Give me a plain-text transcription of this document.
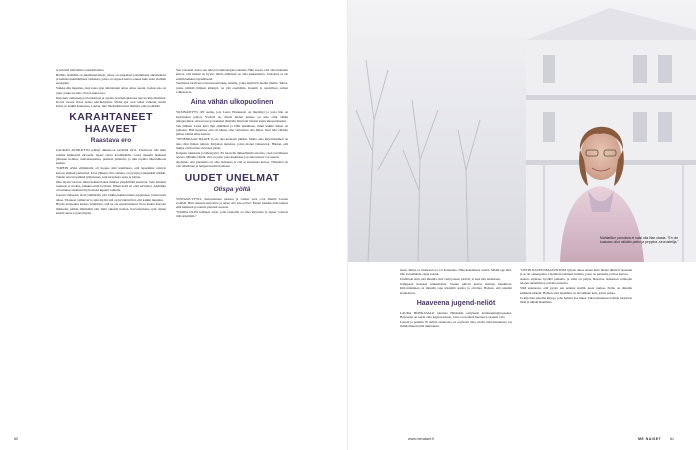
ta leivästä italialaista tomaattiletttua.

Hallitto sisältään on tukimateriaaleja, joissa on paneeluja paremmasta aikataulusta ja kaikista kehittämisen vaiheista, joista on tarpeen kertoa ennen kuin asiat viedään eteenpäin.

Vaikka elin muuttuu, olen koko ajan tahdottunut antaa omaa osaani. Joskus asia on joku, jonka en usko olevan kunnossa.

Kirjoitan romaaneja ja tietokirjoja ja opetan työväenopistossa luovaa kirjoittamista. Kovin vuosia virtaa noista päiväkirjoista. Viime ajat ovat olleet vaikeita, mutta kohta se kaikki kannattaa. Laulan, niin mielenkiintoisia ihmisiä, paljon elämää.

KARAHTANEET HAAVEET
Raastava ero

LAURAN AVIOLIITTO päättyi äkkieroon keväällä 2011. Puolisoon tuli kuin salama kirkkaalta taivaalta, lapset olivat kouluikäisiä. Laura menetti hetkessä yhteisen kotinsa, tulevaisuutensa, puhtaan yhteisön, ja niin lopulta lähestulkoon kaiken.

"KIPEIN ASIA elämässäni oli luopua siitä unelmasta, että lapsemme saisivat kasvaa ehjässä perheessä. Eron jälkeen olin romuna, en pystynyt tekemään mitään. Tunsin olevani pelkkä tyhjä kuori, sain terapiasta apua ja lohtua.

Olin täysin varaton, mutta kaikki ihanat ihmiset ympärilläni auttoivat. Sain lainaksi asunnon ja ruokaa, kaikkea mitä tarvitsin. Ilman heitä en olisi selvinnyt. Aiemmin oli sattunut olemaan myös muita kipeitä vaiheita.

Jossain vaiheessa aloin ymmärtää, että vaikka kaikki tuntuu loppuneen, jotain uutta alkaa. Tilanteet vaihtuvat ja ajan myötä sitä on hyväksyttävä, että kaikki muuttuu.

Hyvän terapeutin kanssa ymmärsin, että en ole epäonnistunut. Eron kautta kasvoin ihmisenä, pääsin lähemmäs sitä, mitä oikeasti haluan. Korvattomana opin, miten kestän surua ja pettymystä.

Sen vastausti sanoa sen tulevan bumerangina takaisin. Hän toteaa, että olisi halunnut kertoa, että kaikki on hyvin, mutta elämässä on aina kaikenlaista. Tarkoitus ei ole esittää kaikkea täydellisenä.

Suomessa tarvitaan tosissaan kiitoksia naisille, jotka näyttävät mallia muille. Tahoa, jonne päättää ihmiset kääntyä, on yhä enemmän. Kauniit ja raadolliset tarinat rohkaisevat.

Aina vähän ulkopuolinen

YKSINÄISYYS ON teema, jota Laura Honkasalo on miettinyt ja josta hän on kirjoittanut paljon. Ystäviä on, mutta niiden kanssa on aina ollut vähän ulkopuolinen. Avioerossa ja leskeksi jäätyään hän koki itsensä usein ulkopuoliseksi.

Sen jälkeen Laura kävi läpi elämänsä ja lähti tutkimaan, mikä kaikki siihen on johtanut. Hän huomasi, että oli hänen oma valintansa olla hiljaa. Kun hän vihdoin puhui, elämä alkoi kantaa.

"SENENKAAN HAAVE ei ole olla koskaan julkkis. Mutta oma kirjoittaminen on aina ollut minun juttuni. Kirjoitan tunteista, joista monet vaikenevat. Haluan, että lukijat eivät tunne olevansa yksin.

Kaipaan rakkautta ja läheisyyttä. En haaveile ihmeellisistä asioista, vaan tavallisesta arjesta. Minulle riittää, että on joku, joka kuuntelee ja jonka kanssa voi nauraa.

Ajattelen, että jokaisella on oma tarinansa ja että se kannattaa kertoa. Tärkeintä on olla rehellinen ja lempeä itseään kohtaan.

UUDET UNELMAT
Olispa yöltä

VINTAGE-TYYLI, merenrannan tuoksut ja vanhat talot ovat lähellä Lauran sydäntä. Hän rakastaa kirjoittaa ja tekee sitä joka päivä. Ennen kaikkea hän haluaa elää hetkessä ja nauttia pienistä asioista.

"KURPA OLISI sellaisen talon, jolla rannoilla on tilaa kirjoittaa ja lapset voisivat tulla käymään."

80
Mahtailiion pariuksia ei saisi olla liian otasta. "En ole koskaan ollut mikään paitsi ja peppina -seurustelija."

lesen. Mutta et, matkarata ei voi kontentua. Näin keskilastaa saatisi. Middl-age mid-life, Isotemikrin oneja saanut.

Unelmoin siitä, että minulla olisi vielä joskus ystäviä, ja teen tätä uudestaan.

Jumppaan konsaan kaikenlaista. Saatan piilotti kertoa mennyt katukuvia. Kirjoittaminen on minulle tapa käsitellä asioita ja oivaltaa. Haluan, että tekstini koskettavat.

Haaveena jugend-neliöt

LAURA HONKASALO rakastaa Helsinkiä, erityisesti kotikaupunginosaansa. Haaveena on saada oma jugend-asunto, jossa on korkeat huoneet ja kaunis valo.

Lauran ja poikien 70 neliön asunnossa on sopivasti tilaa, mutta tulevaisuudessa voi mahdollisesti tulla muutoksia.

"OSTIN KAUPUNKIASUNTONI lyhyen aikaa ennen kuin hinnat lähtivät nousuun ja se oli onnenpotku. Unelmoin edelleen kodista, jossa on puutarha ja tilaa kasvaa.

Asunto sijaitsee hyvällä paikalla, ja siinä on paljon historiaa. Rakastan vanhojen talojen tunnelmaa ja niiden tarinoita.

Siltä asunnosta, että pysyn sen seinien sisällä, koen rauhaa. Perhe on minulle kaikkein tärkein. Haluan, että lapsillani on turvallinen koti, johon palata.

Ja kirjoitan sanoilla kirjoja, joita haluan itse lukea. Tulevaisuudessa haluan kirjoittaa lisää ja nähdä maailmaa.

www.menaiset.fi	ME NAISET 81
